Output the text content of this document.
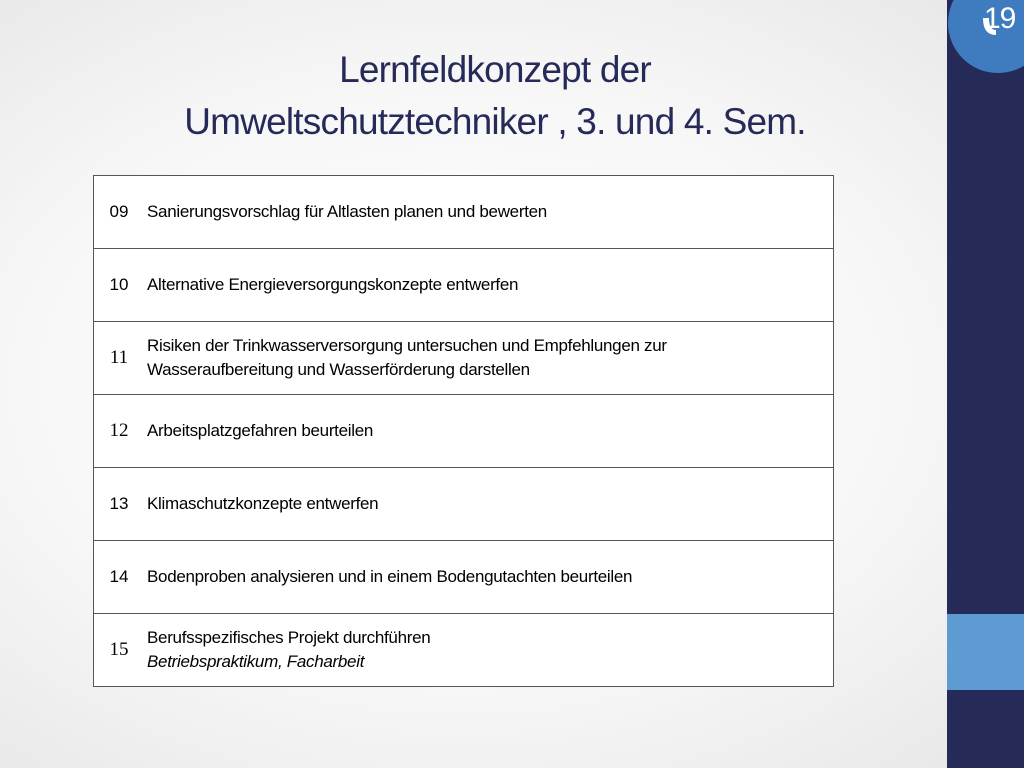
19
Lernfeldkonzept der
Umweltschutztechniker , 3. und 4. Sem.
09	Sanierungsvorschlag für Altlasten planen und bewerten

10	Alternative Energieversorgungskonzepte entwerfen

11	Risiken der Trinkwasserversorgung untersuchen und Empfehlungen zur
Wasseraufbereitung und Wasserförderung darstellen

12	Arbeitsplatzgefahren beurteilen

13	Klimaschutzkonzepte entwerfen

14	Bodenproben analysieren und in einem Bodengutachten beurteilen

15	Berufsspezifisches Projekt durchführen
Betriebspraktikum, Facharbeit
